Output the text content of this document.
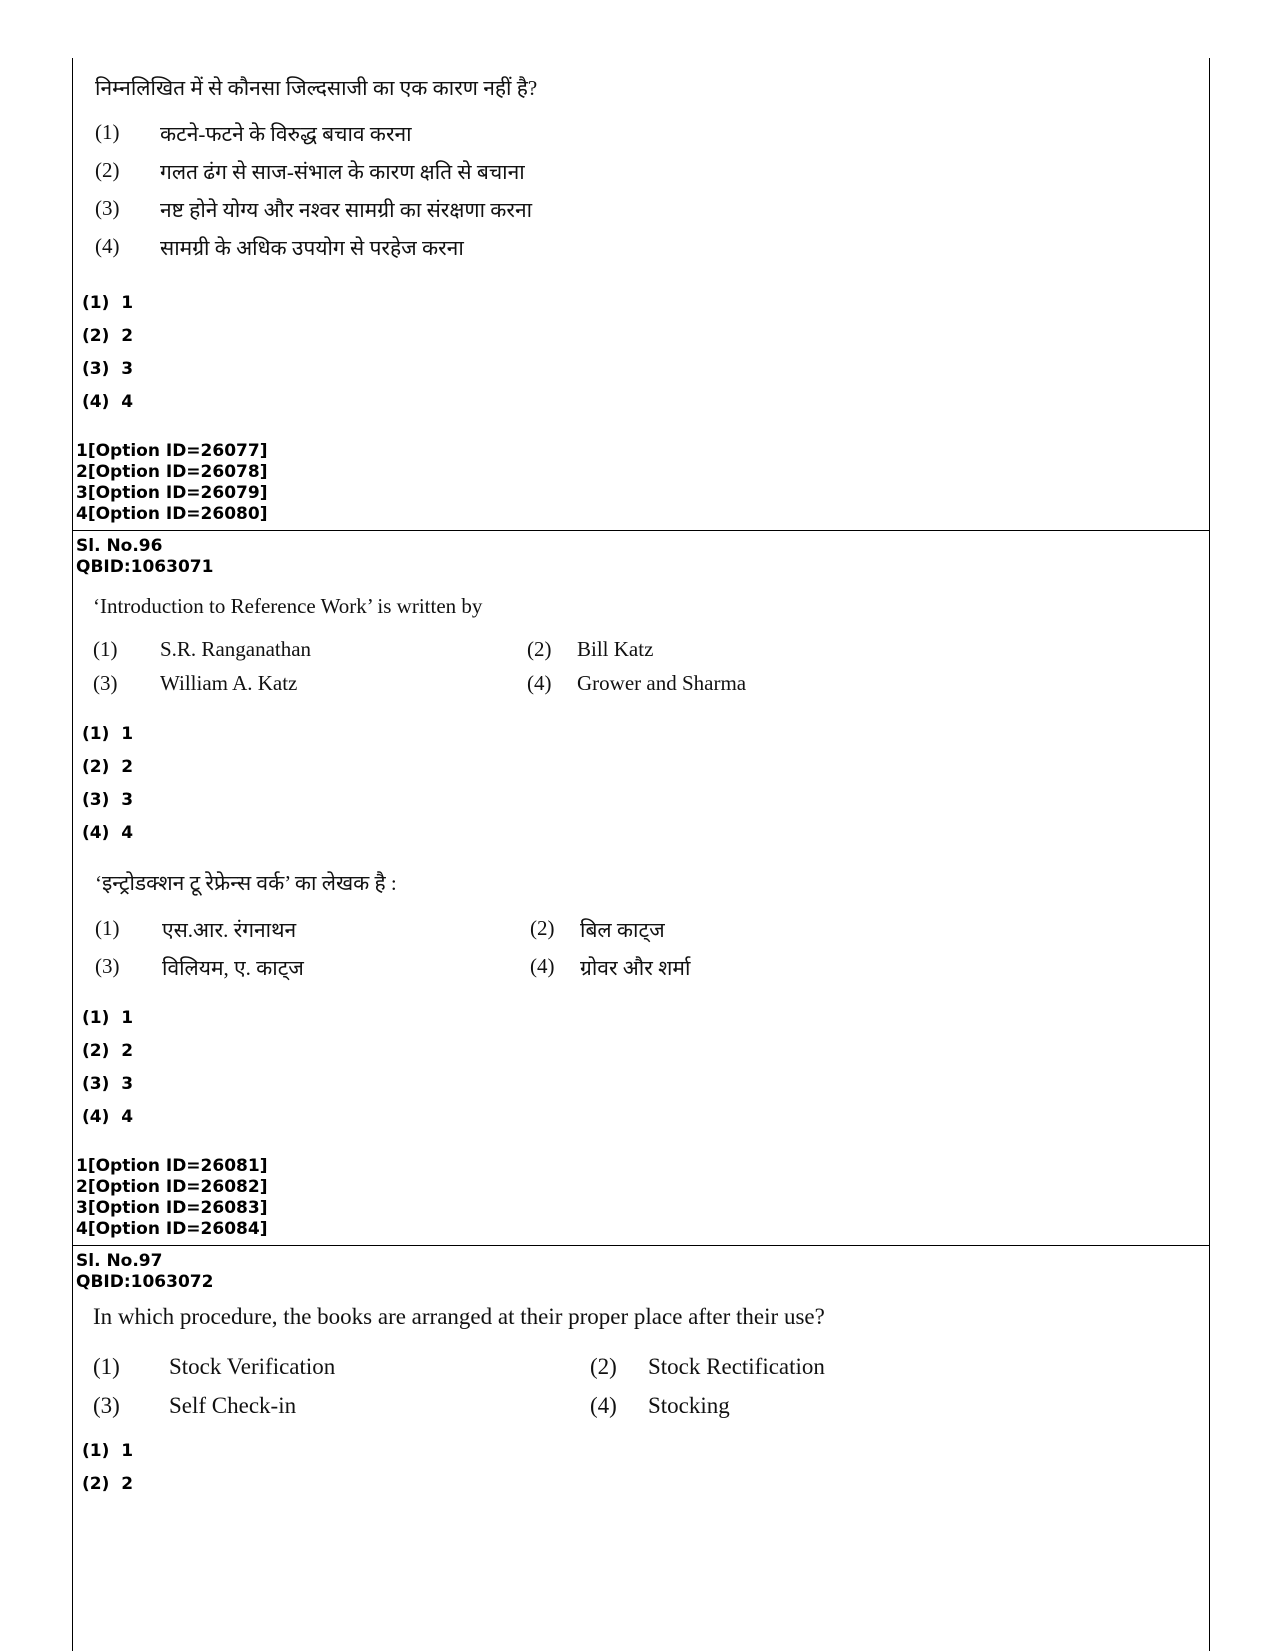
निम्नलिखित में से कौनसा जिल्दसाजी का एक कारण नहीं है?
(1) कटने-फटने के विरुद्ध बचाव करना
(2) गलत ढंग से साज-संभाल के कारण क्षति से बचाना
(3) नष्ट होने योग्य और नश्वर सामग्री का संरक्षणा करना
(4) सामग्री के अधिक उपयोग से परहेज करना
(1)  1
(2)  2
(3)  3
(4)  4
1[Option ID=26077]
2[Option ID=26078]
3[Option ID=26079]
4[Option ID=26080]
Sl. No.96
QBID:1063071
‘Introduction to Reference Work’ is written by
(1) S.R. Ranganathan	(2) Bill Katz
(3) William A. Katz	(4) Grower and Sharma
(1)  1
(2)  2
(3)  3
(4)  4
‘इन्ट्रोडक्शन टू रेफ्रेन्स वर्क’ का लेखक है :
(1) एस.आर. रंगनाथन	(2) बिल काट्ज
(3) विलियम, ए. काट्ज	(4) ग्रोवर और शर्मा
(1)  1
(2)  2
(3)  3
(4)  4
1[Option ID=26081]
2[Option ID=26082]
3[Option ID=26083]
4[Option ID=26084]
Sl. No.97
QBID:1063072
In which procedure, the books are arranged at their proper place after their use?
(1) Stock Verification	(2) Stock Rectification
(3) Self Check-in	(4) Stocking
(1)  1
(2)  2
